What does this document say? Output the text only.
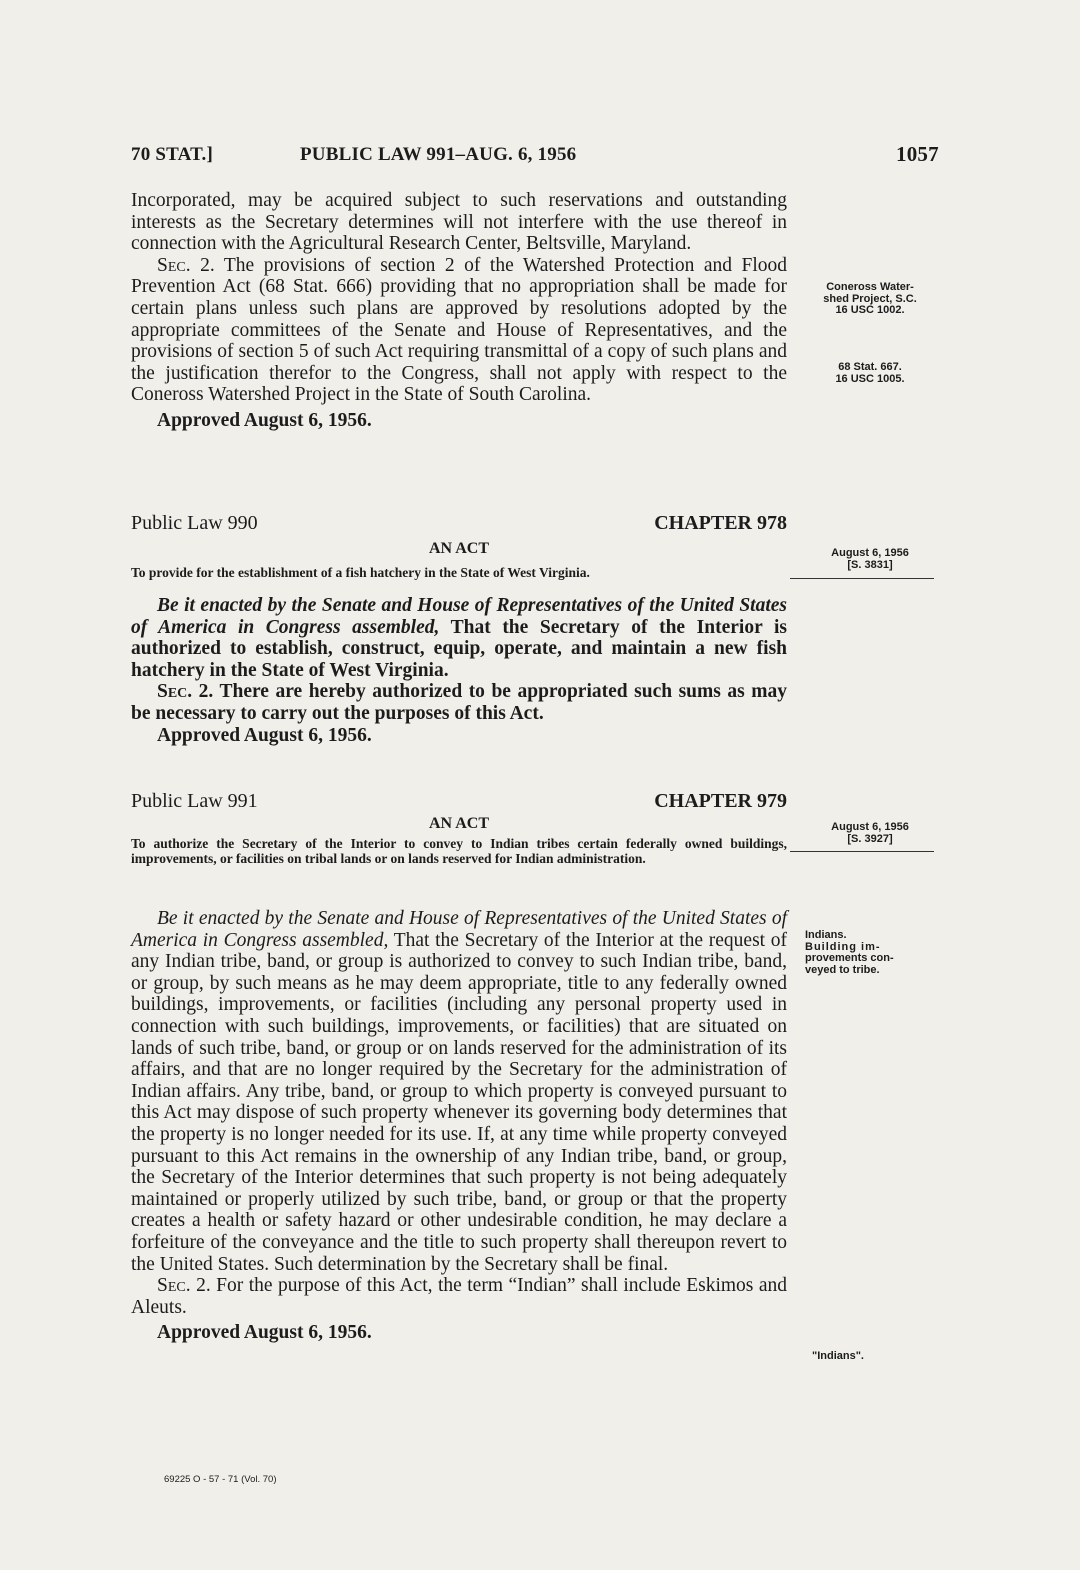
70 STAT.]	PUBLIC LAW 991–AUG. 6, 1956	1057

Incorporated, may be acquired subject to such reservations and outstanding interests as the Secretary determines will not interfere with the use thereof in connection with the Agricultural Research Center, Beltsville, Maryland.

Sec. 2. The provisions of section 2 of the Watershed Protection and Flood Prevention Act (68 Stat. 666) providing that no appropriation shall be made for certain plans unless such plans are approved by resolutions adopted by the appropriate committees of the Senate and House of Representatives, and the provisions of section 5 of such Act requiring transmittal of a copy of such plans and the justification therefor to the Congress, shall not apply with respect to the Coneross Watershed Project in the State of South Carolina.

Approved August 6, 1956.

Coneross Water-
shed Project, S.C.
16 USC 1002.
68 Stat. 667.
16 USC 1005.
Public Law 990	CHAPTER 978
AN ACT
To provide for the establishment of a fish hatchery in the State of West Virginia.
August 6, 1956
[S. 3831]

Be it enacted by the Senate and House of Representatives of the United States of America in Congress assembled, That the Secretary of the Interior is authorized to establish, construct, equip, operate, and maintain a new fish hatchery in the State of West Virginia.

Sec. 2. There are hereby authorized to be appropriated such sums as may be necessary to carry out the purposes of this Act.

Approved August 6, 1956.

Public Law 991	CHAPTER 979
AN ACT
To authorize the Secretary of the Interior to convey to Indian tribes certain federally owned buildings, improvements, or facilities on tribal lands or on lands reserved for Indian administration.
August 6, 1956
[S. 3927]

Be it enacted by the Senate and House of Representatives of the United States of America in Congress assembled, That the Secretary of the Interior at the request of any Indian tribe, band, or group is authorized to convey to such Indian tribe, band, or group, by such means as he may deem appropriate, title to any federally owned buildings, improvements, or facilities (including any personal property used in connection with such buildings, improvements, or facilities) that are situated on lands of such tribe, band, or group or on lands reserved for the administration of its affairs, and that are no longer required by the Secretary for the administration of Indian affairs. Any tribe, band, or group to which property is conveyed pursuant to this Act may dispose of such property whenever its governing body determines that the property is no longer needed for its use. If, at any time while property conveyed pursuant to this Act remains in the ownership of any Indian tribe, band, or group, the Secretary of the Interior determines that such property is not being adequately maintained or properly utilized by such tribe, band, or group or that the property creates a health or safety hazard or other undesirable condition, he may declare a forfeiture of the conveyance and the title to such property shall thereupon revert to the United States. Such determination by the Secretary shall be final.

Sec. 2. For the purpose of this Act, the term “Indian” shall include Eskimos and Aleuts.

Approved August 6, 1956.

Indians.
Building im-
provements con-
veyed to tribe.
"Indians".
69225 O - 57 - 71 (Vol. 70)
